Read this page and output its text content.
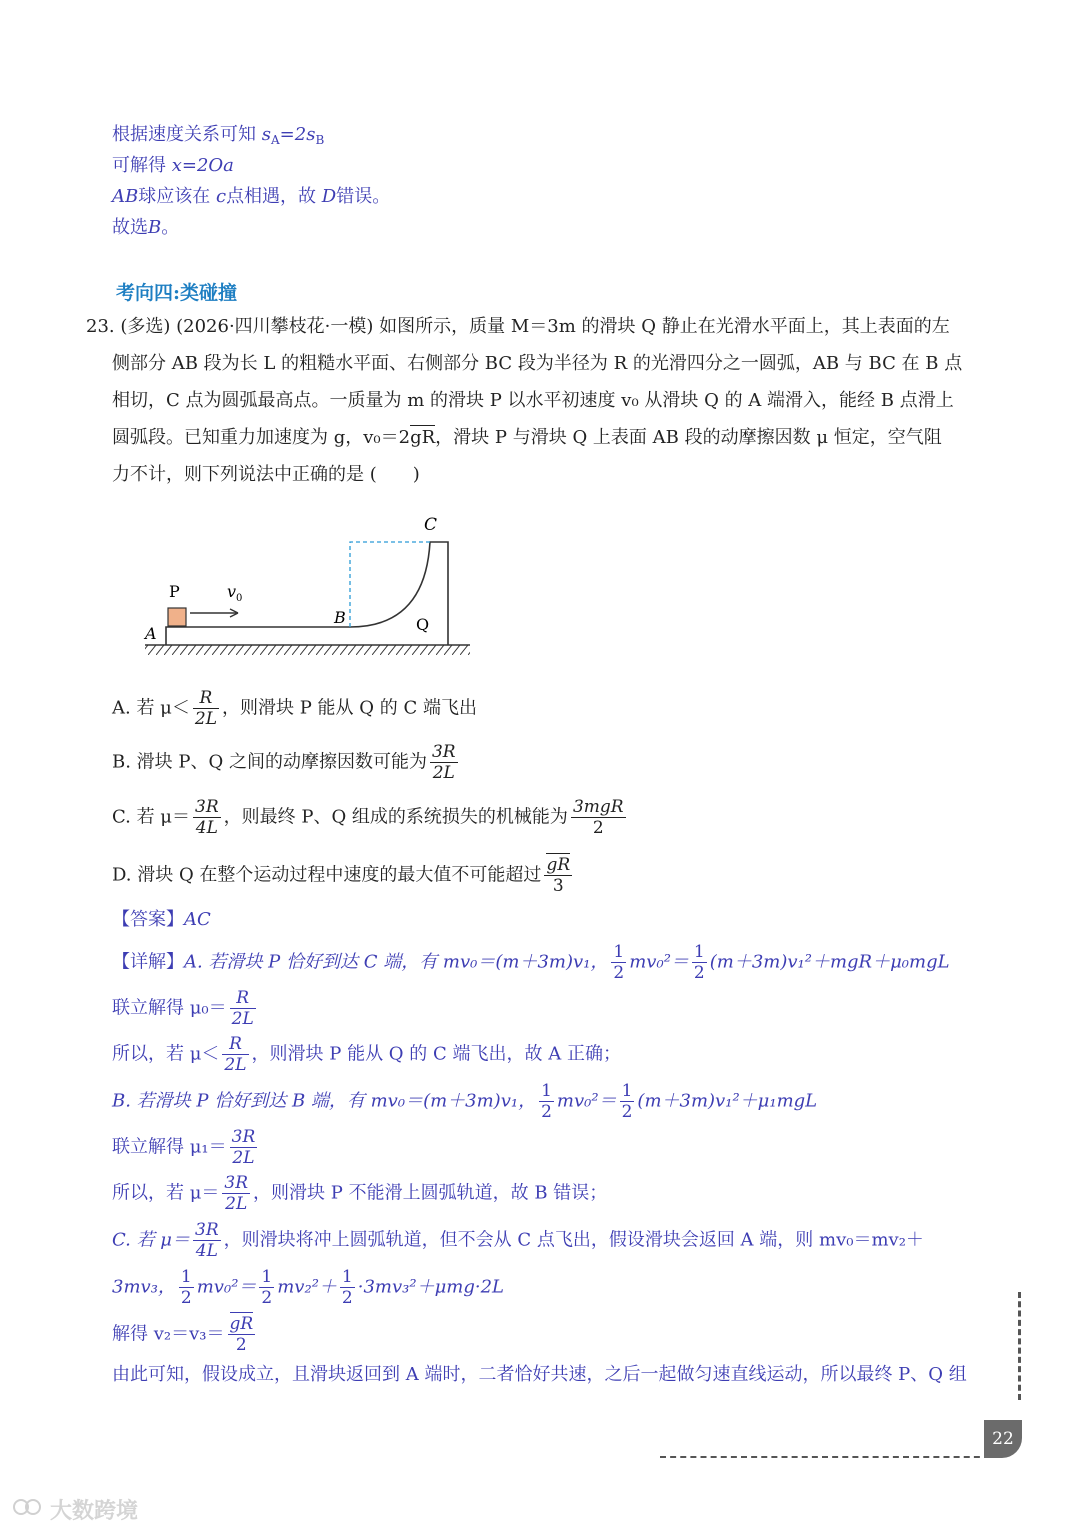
根据速度关系可知 $s_A=2s_B$
可解得 x=2Oa
AB球应该在 c点相遇，故 D错误。
故选B。
考向四:类碰撞
23. (多选) (2026·四川攀枝花·一模) 如图所示，质量 M＝3m 的滑块 Q 静止在光滑水平面上，其上表面的左
侧部分 AB 段为长 L 的粗糙水平面、右侧部分 BC 段为半径为 R 的光滑四分之一圆弧，AB 与 BC 在 B 点
相切，C 点为圆弧最高点。一质量为 m 的滑块 P 以水平初速度 v₀ 从滑块 Q 的 A 端滑入，能经 B 点滑上
圆弧段。已知重力加速度为 g，v₀＝2gR，滑块 P 与滑块 Q 上表面 AB 段的动摩擦因数 μ 恒定，空气阻
力不计，则下列说法中正确的是 (　　)
C
P	$v_0$
A
B	Q
A. 若 $\mu< \frac{R}{2L}$ ，则滑块 P 能从 Q 的 C 端飞出
B. 滑块 P、Q 之间的动摩擦因数可能为 $\frac{3R}{2L}$
C. 若 $\mu= \frac{3R}{4L}$ ，则最终 P、Q 组成的系统损失的机械能为 $\frac{\text{3mgR}}{2}$
D. 滑块 Q 在整个运动过程中速度的最大值不可能超过 $\frac{gR}{3}$
【答案】AC
【详解】A. 若滑块 P 恰好到达 C 端，有 mv₀＝(m＋3m)v₁， $\frac{1}{2} mv_0^2= \frac{1}{2} (m+3m)v_1^2+mgR+\mu_0mgL$
联立解得 $\mu_0= \frac{R}{2L}$
所以，若 $\mu< \frac{R}{2L}$ ，则滑块 P 能从 Q 的 C 端飞出，故 A 正确；
B. 若滑块 P 恰好到达 B 端，有 mv₀＝(m＋3m)v₁， $\frac{1}{2} mv_0^2= \frac{1}{2} (m+3m)v_1^2+\mu_1mgL$
联立解得 $\mu_1= \frac{3R}{2L}$
所以，若 $\mu= \frac{3R}{2L}$ ，则滑块 P 不能滑上圆弧轨道，故 B 错误；
C. 若 $\mu= \frac{3R}{4L}$ ，则滑块将冲上圆弧轨道，但不会从 C 点飞出，假设滑块会返回 A 端，则 mv₀＝mv₂＋
3mv₃， $\frac{1}{2} mv_0^2= \frac{1}{2} mv_2^2+ \frac{1}{2} \cdot 3mv_3^2+\mu mg\cdot 2L$
解得 $v_2=v_3= \frac{gR}{2}$
由此可知，假设成立，且滑块返回到 A 端时，二者恰好共速，之后一起做匀速直线运动，所以最终 P、Q 组
22
大数跨境
